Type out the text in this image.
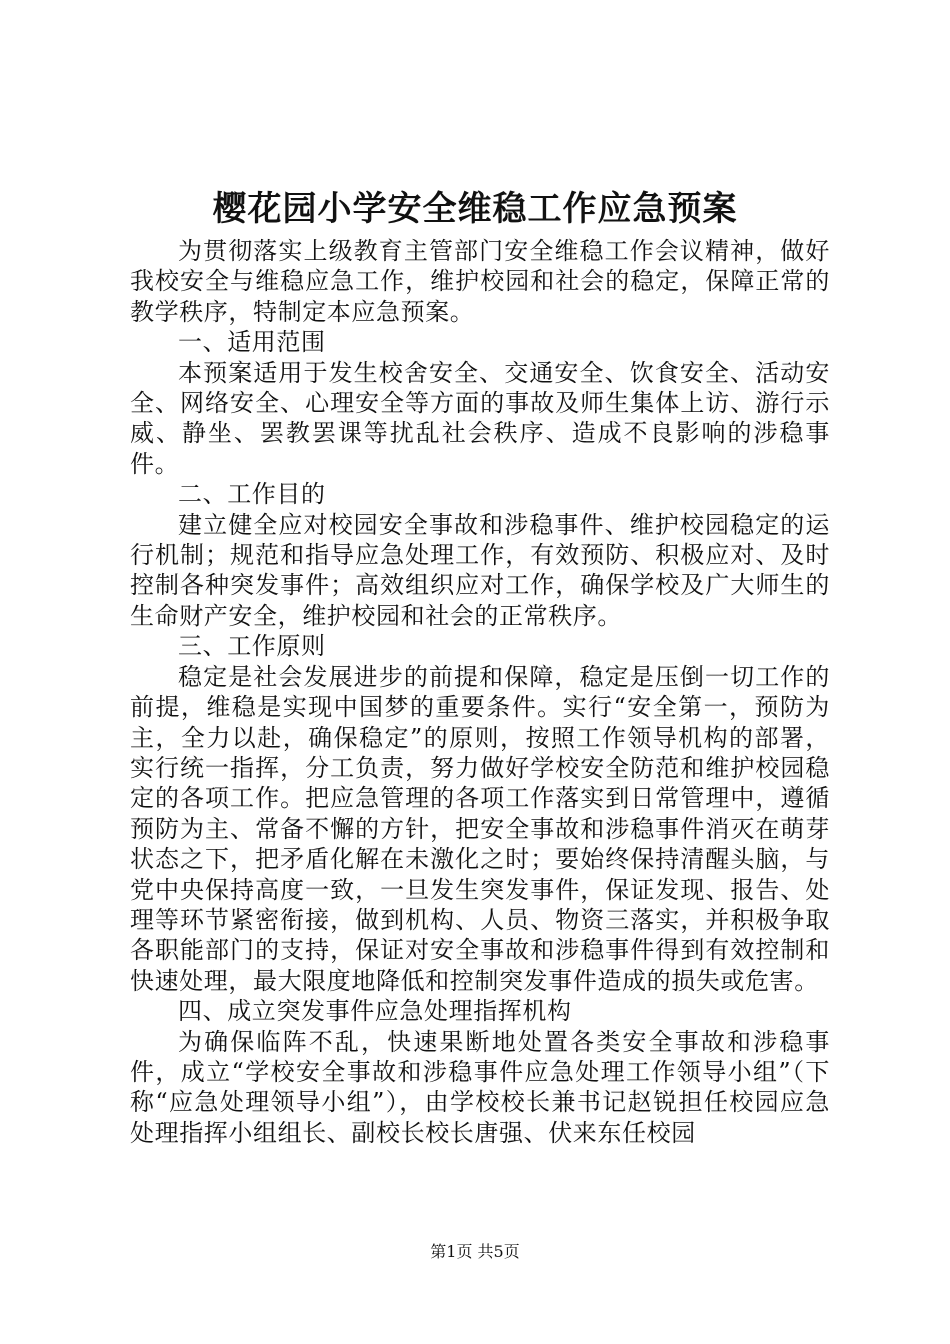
樱花园小学安全维稳工作应急预案

为贯彻落实上级教育主管部门安全维稳工作会议精神，做好我校安全与维稳应急工作，维护校园和社会的稳定，保障正常的教学秩序，特制定本应急预案。

一、适用范围

本预案适用于发生校舍安全、交通安全、饮食安全、活动安全、网络安全、心理安全等方面的事故及师生集体上访、游行示威、静坐、罢教罢课等扰乱社会秩序、造成不良影响的涉稳事件。

二、工作目的

建立健全应对校园安全事故和涉稳事件、维护校园稳定的运行机制；规范和指导应急处理工作，有效预防、积极应对、及时控制各种突发事件；高效组织应对工作，确保学校及广大师生的生命财产安全，维护校园和社会的正常秩序。

三、工作原则

稳定是社会发展进步的前提和保障，稳定是压倒一切工作的前提，维稳是实现中国梦的重要条件。实行“安全第一，预防为主，全力以赴，确保稳定”的原则，按照工作领导机构的部署，实行统一指挥，分工负责，努力做好学校安全防范和维护校园稳定的各项工作。把应急管理的各项工作落实到日常管理中，遵循预防为主、常备不懈的方针，把安全事故和涉稳事件消灭在萌芽状态之下，把矛盾化解在未激化之时；要始终保持清醒头脑，与党中央保持高度一致，一旦发生突发事件，保证发现、报告、处理等环节紧密衔接，做到机构、人员、物资三落实，并积极争取各职能部门的支持，保证对安全事故和涉稳事件得到有效控制和快速处理，最大限度地降低和控制突发事件造成的损失或危害。

四、成立突发事件应急处理指挥机构

为确保临阵不乱，快速果断地处置各类安全事故和涉稳事件，成立“学校安全事故和涉稳事件应急处理工作领导小组”（下称“应急处理领导小组”），由学校校长兼书记赵锐担任校园应急处理指挥小组组长、副校长校长唐强、伏来东任校园

第1页 共5页
